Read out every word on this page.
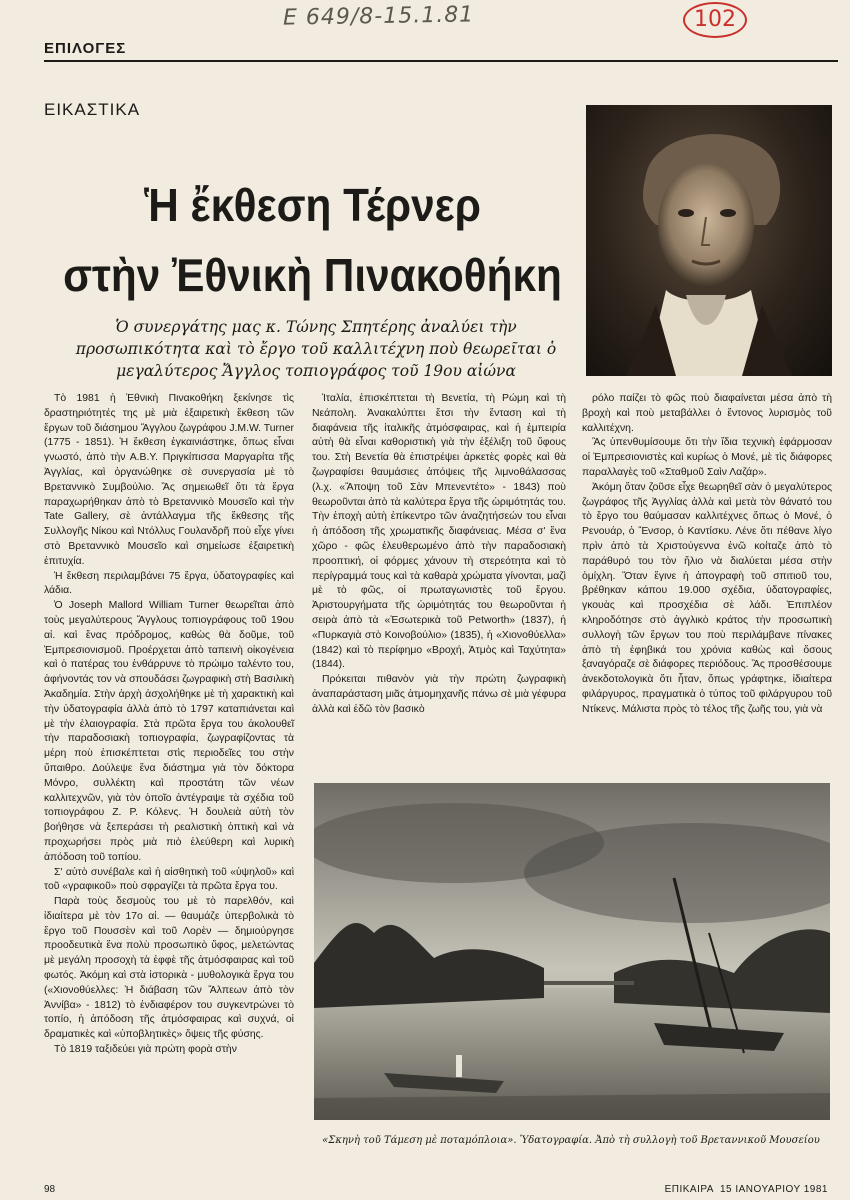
E 649/8-15.1.81	102
ΕΠΙΛΟΓΕΣ
ΕΙΚΑΣΤΙΚΑ
Ἡ ἔκθεση Τέρνερ
στὴν Ἐθνικὴ Πινακοθήκη
Ὁ συνεργάτης μας κ. Τώνης Σπητέρης ἀναλύει τὴν προσωπικότητα καὶ τὸ ἔργο τοῦ καλλιτέχνη ποὺ θεωρεῖται ὁ μεγαλύτερος Ἄγγλος τοπιογράφος τοῦ 19ου αἰώνα

Τὸ 1981 ἡ Ἐθνικὴ Πινακοθήκη ξεκίνησε τὶς δραστηριότητές της μὲ μιὰ ἐξαιρετικὴ ἔκθεση τῶν ἔργων τοῦ διάσημου Ἄγγλου ζωγράφου J.M.W. Turner (1775 - 1851). Ἡ ἔκθεση ἐγκαινιάστηκε, ὅπως εἶναι γνωστό, ἀπὸ τὴν Α.Β.Υ. Πριγκίπισσα Μαργαρίτα τῆς Ἀγγλίας, καὶ ὀργανώθηκε σὲ συνεργασία μὲ τὸ Βρεταννικὸ Συμβούλιο. Ἂς σημειωθεῖ ὅτι τὰ ἔργα παραχωρήθηκαν ἀπὸ τὸ Βρεταννικὸ Μουσεῖο καὶ τὴν Tate Gallery, σὲ ἀντάλλαγμα τῆς ἔκθεσης τῆς Συλλογῆς Νίκου καὶ Ντόλλυς Γουλανδρῆ ποὺ εἶχε γίνει στὸ Βρεταννικὸ Μουσεῖο καὶ σημείωσε ἐξαιρετικὴ ἐπιτυχία.

Ἡ ἔκθεση περιλαμβάνει 75 ἔργα, ὑδατογραφίες καὶ λάδια.

Ὁ Joseph Mallord William Turner θεωρεῖται ἀπὸ τοὺς μεγαλύτερους Ἄγγλους τοπιογράφους τοῦ 19ου αἰ. καὶ ἕνας πρόδρομος, καθὼς θὰ δοῦμε, τοῦ Ἐμπρεσιονισμοῦ. Προέρχεται ἀπὸ ταπεινὴ οἰκογένεια καὶ ὁ πατέρας του ἐνθάρρυνε τὸ πρώιμο ταλέντο του, ἀφήνοντάς τον νὰ σπουδάσει ζωγραφικὴ στὴ Βασιλικὴ Ἀκαδημία. Στὴν ἀρχὴ ἀσχολήθηκε μὲ τὴ χαρακτικὴ καὶ τὴν ὑδατογραφία ἀλλὰ ἀπὸ τὸ 1797 καταπιάνεται καὶ μὲ τὴν ἐλαιογραφία. Στὰ πρῶτα ἔργα του ἀκολουθεῖ τὴν παραδοσιακὴ τοπιογραφία, ζωγραφίζοντας τὰ μέρη ποὺ ἐπισκέπτεται στὶς περιοδεῖες του στὴν ὕπαιθρο. Δούλεψε ἕνα διάστημα γιὰ τὸν δόκτορα Μόνρο, συλλέκτη καὶ προστάτη τῶν νέων καλλιτεχνῶν, γιὰ τὸν ὁποῖο ἀντέγραψε τὰ σχέδια τοῦ τοπιογράφου Ζ. Ρ. Κόλενς. Ἡ δουλειὰ αὐτὴ τὸν βοήθησε νὰ ξεπεράσει τὴ ρεαλιστικὴ ὀπτικὴ καὶ νὰ προχωρήσει πρὸς μιὰ πιὸ ἐλεύθερη καὶ λυρικὴ ἀπόδοση τοῦ τοπίου.

Σ' αὐτὸ συνέβαλε καὶ ἡ αἰσθητικὴ τοῦ «ὑψηλοῦ» καὶ τοῦ «γραφικοῦ» ποὺ σφραγίζει τὰ πρῶτα ἔργα του.

Παρὰ τοὺς δεσμοὺς του μὲ τὸ παρελθόν, καὶ ἰδιαίτερα μὲ τὸν 17ο αἰ. — θαυμάζε ὑπερβολικὰ τὸ ἔργο τοῦ Πουσσὲν καὶ τοῦ Λορὲν — δημιούργησε προοδευτικὰ ἕνα πολὺ προσωπικὸ ὕφος, μελετώντας μὲ μεγάλη προσοχὴ τὰ ἐφφὲ τῆς ἀτμόσφαιρας καὶ τοῦ φωτός. Ἀκόμη καὶ στὰ ἱστορικὰ - μυθολογικὰ ἔργα του («Χιονοθύελλες: Ἡ διάβαση τῶν Ἄλπεων ἀπὸ τὸν Ἀννίβα» - 1812) τὸ ἐνδιαφέρον του συγκεντρώνει τὸ τοπίο, ἡ ἀπόδοση τῆς ἀτμόσφαιρας καὶ συχνά, οἱ δραματικὲς καὶ «ὑποβλητικὲς» ὄψεις τῆς φύσης.

Τὸ 1819 ταξιδεύει γιὰ πρώτη φορὰ στὴν

Ἰταλία, ἐπισκέπτεται τὴ Βενετία, τὴ Ρώμη καὶ τὴ Νεάπολη. Ἀνακαλύπτει ἔτσι τὴν ἔνταση καὶ τὴ διαφάνεια τῆς ἰταλικῆς ἀτμόσφαιρας, καὶ ἡ ἐμπειρία αὐτὴ θὰ εἶναι καθοριστικὴ γιὰ τὴν ἐξέλιξη τοῦ ὕφους του. Στὴ Βενετία θὰ ἐπιστρέψει ἀρκετὲς φορὲς καὶ θὰ ζωγραφίσει θαυμάσιες ἀπόψεις τῆς λιμνοθάλασσας (λ.χ. «Ἄποψη τοῦ Σὰν Μπενεντέτο» - 1843) ποὺ θεωροῦνται ἀπὸ τὰ καλύτερα ἔργα τῆς ὡριμότητάς του. Τὴν ἐποχὴ αὐτὴ ἐπίκεντρο τῶν ἀναζητήσεών του εἶναι ἡ ἀπόδοση τῆς χρωματικῆς διαφάνειας. Μέσα σ' ἕνα χῶρο - φῶς ἐλευθερωμένο ἀπὸ τὴν παραδοσιακὴ προοπτική, οἱ φόρμες χάνουν τὴ στερεότητα καὶ τὸ περίγραμμά τους καὶ τὰ καθαρὰ χρώματα γίνονται, μαζὶ μὲ τὸ φῶς, οἱ πρωταγωνιστὲς τοῦ ἔργου. Ἀριστουργήματα τῆς ὡριμότητάς του θεωροῦνται ἡ σειρὰ ἀπὸ τὰ «Ἐσωτερικὰ τοῦ Petworth» (1837), ἡ «Πυρκαγιὰ στὸ Κοινοβούλιο» (1835), ἡ «Χιονοθύελλα» (1842) καὶ τὸ περίφημο «Βροχή, Ἀτμὸς καὶ Ταχύτητα» (1844).

Πρόκειται πιθανὸν γιὰ τὴν πρώτη ζωγραφικὴ ἀναπαράσταση μιᾶς ἀτμομηχανῆς πάνω σὲ μιὰ γέφυρα ἀλλὰ καὶ ἐδῶ τὸν βασικὸ

ρόλο παίζει τὸ φῶς ποὺ διαφαίνεται μέσα ἀπὸ τὴ βροχὴ καὶ ποὺ μεταβάλλει ὁ ἔντονος λυρισμὸς τοῦ καλλιτέχνη.

Ἂς ὑπενθυμίσουμε ὅτι τὴν ἴδια τεχνικὴ ἐφάρμοσαν οἱ Ἐμπρεσιονιστὲς καὶ κυρίως ὁ Μονέ, μὲ τὶς διάφορες παραλλαγὲς τοῦ «Σταθμοῦ Σαὶν Λαζάρ».

Ἀκόμη ὅταν ζοῦσε εἶχε θεωρηθεῖ σὰν ὁ μεγαλύτερος ζωγράφος τῆς Ἀγγλίας ἀλλὰ καὶ μετὰ τὸν θάνατό του τὸ ἔργο του θαύμασαν καλλιτέχνες ὅπως ὁ Μονέ, ὁ Ρενουάρ, ὁ Ἔνσορ, ὁ Καντίσκυ. Λένε ὅτι πέθανε λίγο πρὶν ἀπὸ τὰ Χριστούγεννα ἐνῶ κοίταζε ἀπὸ τὸ παράθυρό του τὸν ἥλιο νὰ διαλύεται μέσα στὴν ὁμίχλη. Ὅταν ἔγινε ἡ ἀπογραφὴ τοῦ σπιτιοῦ του, βρέθηκαν κάπου 19.000 σχέδια, ὑδατογραφίες, γκουὰς καὶ προσχέδια σὲ λάδι. Ἐπιπλέον κληροδότησε στὸ ἀγγλικὸ κράτος τὴν προσωπικὴ συλλογὴ τῶν ἔργων του ποὺ περιλάμβανε πίνακες ἀπὸ τὴ ἐφηβικά του χρόνια καθὼς καὶ ὅσους ξαναγόραζε σὲ διάφορες περιόδους. Ἂς προσθέσουμε ἀνεκδοτολογικὰ ὅτι ἦταν, ὅπως γράφτηκε, ἰδιαίτερα φιλάργυρος, πραγματικὰ ὁ τύπος τοῦ φιλάργυρου τοῦ Ντίκενς. Μάλιστα πρὸς τὸ τέλος τῆς ζωῆς του, γιὰ νὰ

«Σκηνὴ τοῦ Τάμεση μὲ ποταμόπλοια». Ὑδατογραφία. Ἀπὸ τὴ συλλογὴ τοῦ Βρεταννικοῦ Μουσείου
98	ΕΠΙΚΑΙΡΑ 15 ΙΑΝΟΥΑΡΙΟΥ 1981
